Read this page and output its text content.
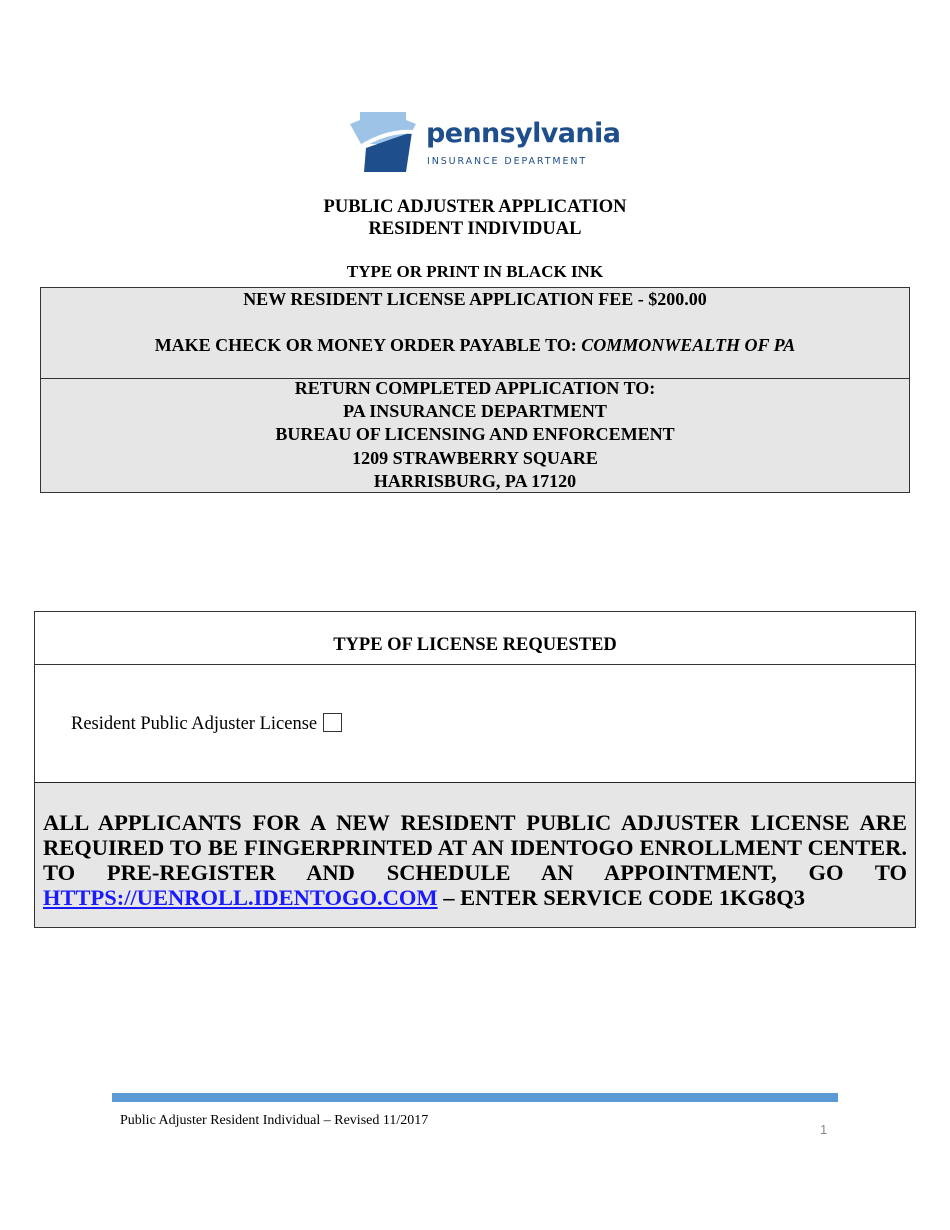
pennsylvania
INSURANCE DEPARTMENT
PUBLIC ADJUSTER APPLICATION
RESIDENT INDIVIDUAL
TYPE OR PRINT IN BLACK INK
NEW RESIDENT LICENSE APPLICATION FEE - $200.00
MAKE CHECK OR MONEY ORDER PAYABLE TO: COMMONWEALTH OF PA
RETURN COMPLETED APPLICATION TO:
PA INSURANCE DEPARTMENT
BUREAU OF LICENSING AND ENFORCEMENT
1209 STRAWBERRY SQUARE
HARRISBURG, PA 17120
TYPE OF LICENSE REQUESTED
Resident Public Adjuster License
ALL APPLICANTS FOR A NEW RESIDENT PUBLIC ADJUSTER LICENSE ARE REQUIRED TO BE FINGERPRINTED AT AN IDENTOGO ENROLLMENT CENTER. TO PRE-REGISTER AND SCHEDULE AN APPOINTMENT, GO TO HTTPS://UENROLL.IDENTOGO.COM – ENTER SERVICE CODE 1KG8Q3
Public Adjuster Resident Individual – Revised 11/2017
1
